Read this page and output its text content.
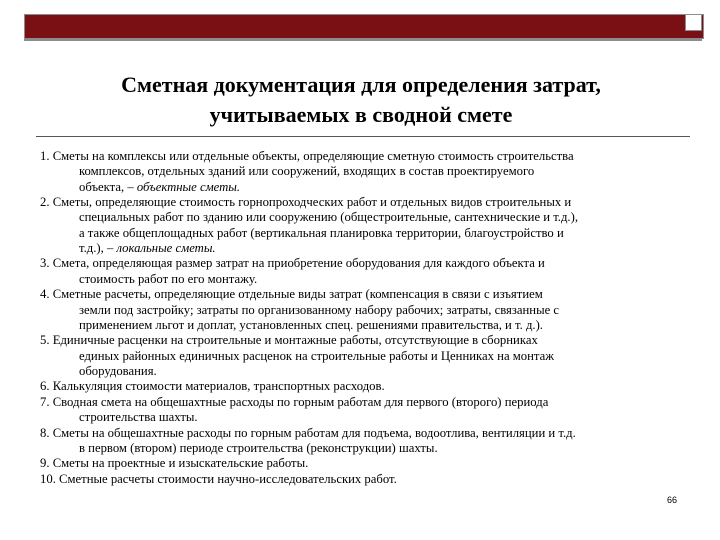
Сметная документация для определения затрат,
учитываемых в сводной смете
1. Сметы на комплексы или отдельные объекты, определяющие сметную стоимость строительства
комплексов, отдельных зданий или сооружений, входящих в состав проектируемого
объекта, – объектные сметы.
2. Сметы, определяющие стоимость горнопроходческих работ и отдельных видов строительных и
специальных работ по зданию или сооружению (общестроительные, сантехнические и т.д.),
а также общеплощадных работ (вертикальная планировка территории, благоустройство и
т.д.), – локальные сметы.
3. Смета, определяющая размер затрат на приобретение оборудования для каждого объекта и
стоимость работ по его монтажу.
4. Сметные расчеты, определяющие отдельные виды затрат (компенсация в связи с изъятием
земли под застройку; затраты по организованному набору рабочих; затраты, связанные с
применением льгот и доплат, установленных спец. решениями правительства, и т. д.).
5. Единичные расценки на строительные и монтажные работы, отсутствующие в сборниках
единых районных единичных расценок на строительные работы и Ценниках на монтаж
оборудования.
6. Калькуляция стоимости материалов, транспортных расходов.
7. Сводная смета на общешахтные расходы по горным работам для первого (второго) периода
строительства шахты.
8. Сметы на общешахтные расходы по горным работам для подъема, водоотлива, вентиляции и т.д.
в первом (втором) периоде строительства (реконструкции) шахты.
9. Сметы на проектные и изыскательские работы.
10. Сметные расчеты стоимости научно-исследовательских работ.
66
